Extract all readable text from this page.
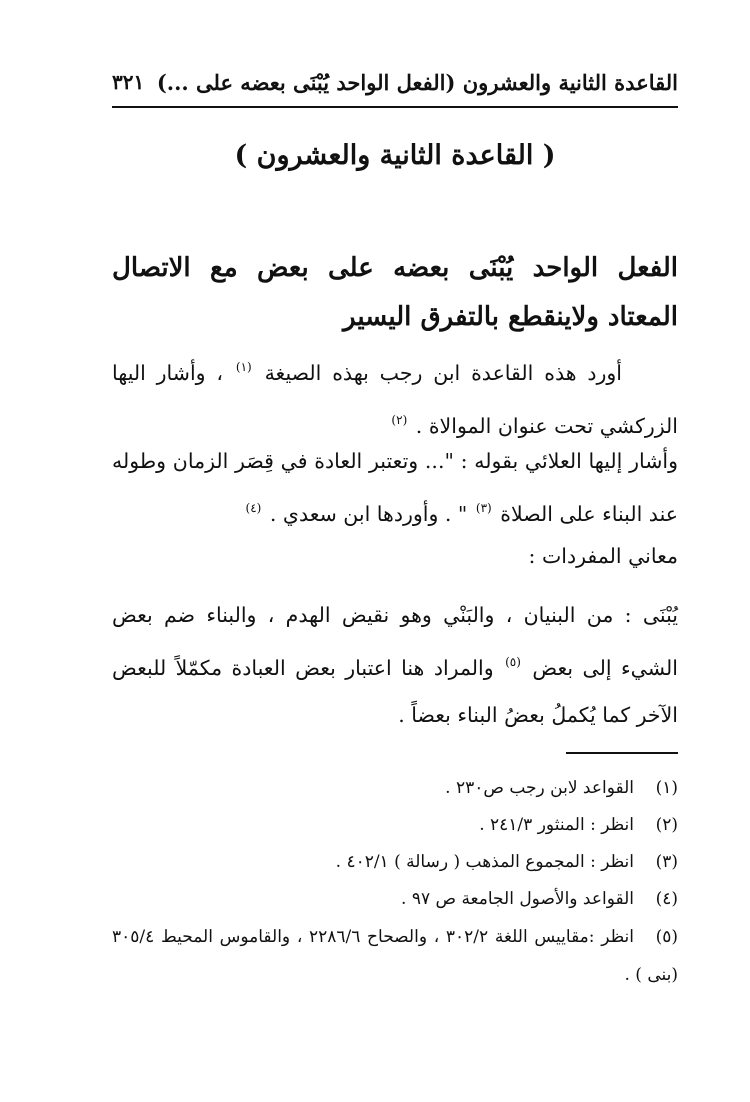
القاعدة الثانية والعشرون (الفعل الواحد يُبْنَى بعضه على ...)
٣٢١
( القاعدة الثانية والعشرون )
الفعل الواحد يُبْنَى بعضه على بعض مع الاتصال المعتاد ولاينقطع بالتفرق اليسير

أورد هذه القاعدة ابن رجب بهذه الصيغة $^{(١)}$ ، وأشار اليها الزركشي تحت عنوان الموالاة . $^{(٢)}$

وأشار إليها العلائي بقوله : "... وتعتبر العادة في قِصَر الزمان وطوله عند البناء على الصلاة $^{(٣)}$ " . وأوردها ابن سعدي . $^{(٤)}$

معاني المفردات :

يُبْنَى : من البنيان ، والبَنْي وهو نقيض الهدم ، والبناء ضم بعض الشيء إلى بعض $^{(٥)}$ والمراد هنا اعتبار بعض العبادة مكمّلاً للبعض الآخر كما يُكملُ بعضُ البناء بعضاً .

(١)القواعد لابن رجب ص٢٣٠ .
(٢)انظر : المنثور ٢٤١/٣ .
(٣)انظر : المجموع المذهب ( رسالة ) ٤٠٢/١ .
(٤)القواعد والأصول الجامعة ص ٩٧ .
(٥)انظر :مقاييس اللغة ٣٠٢/٢ ، والصحاح ٢٢٨٦/٦ ، والقاموس المحيط ٣٠٥/٤ (بنى ) .
